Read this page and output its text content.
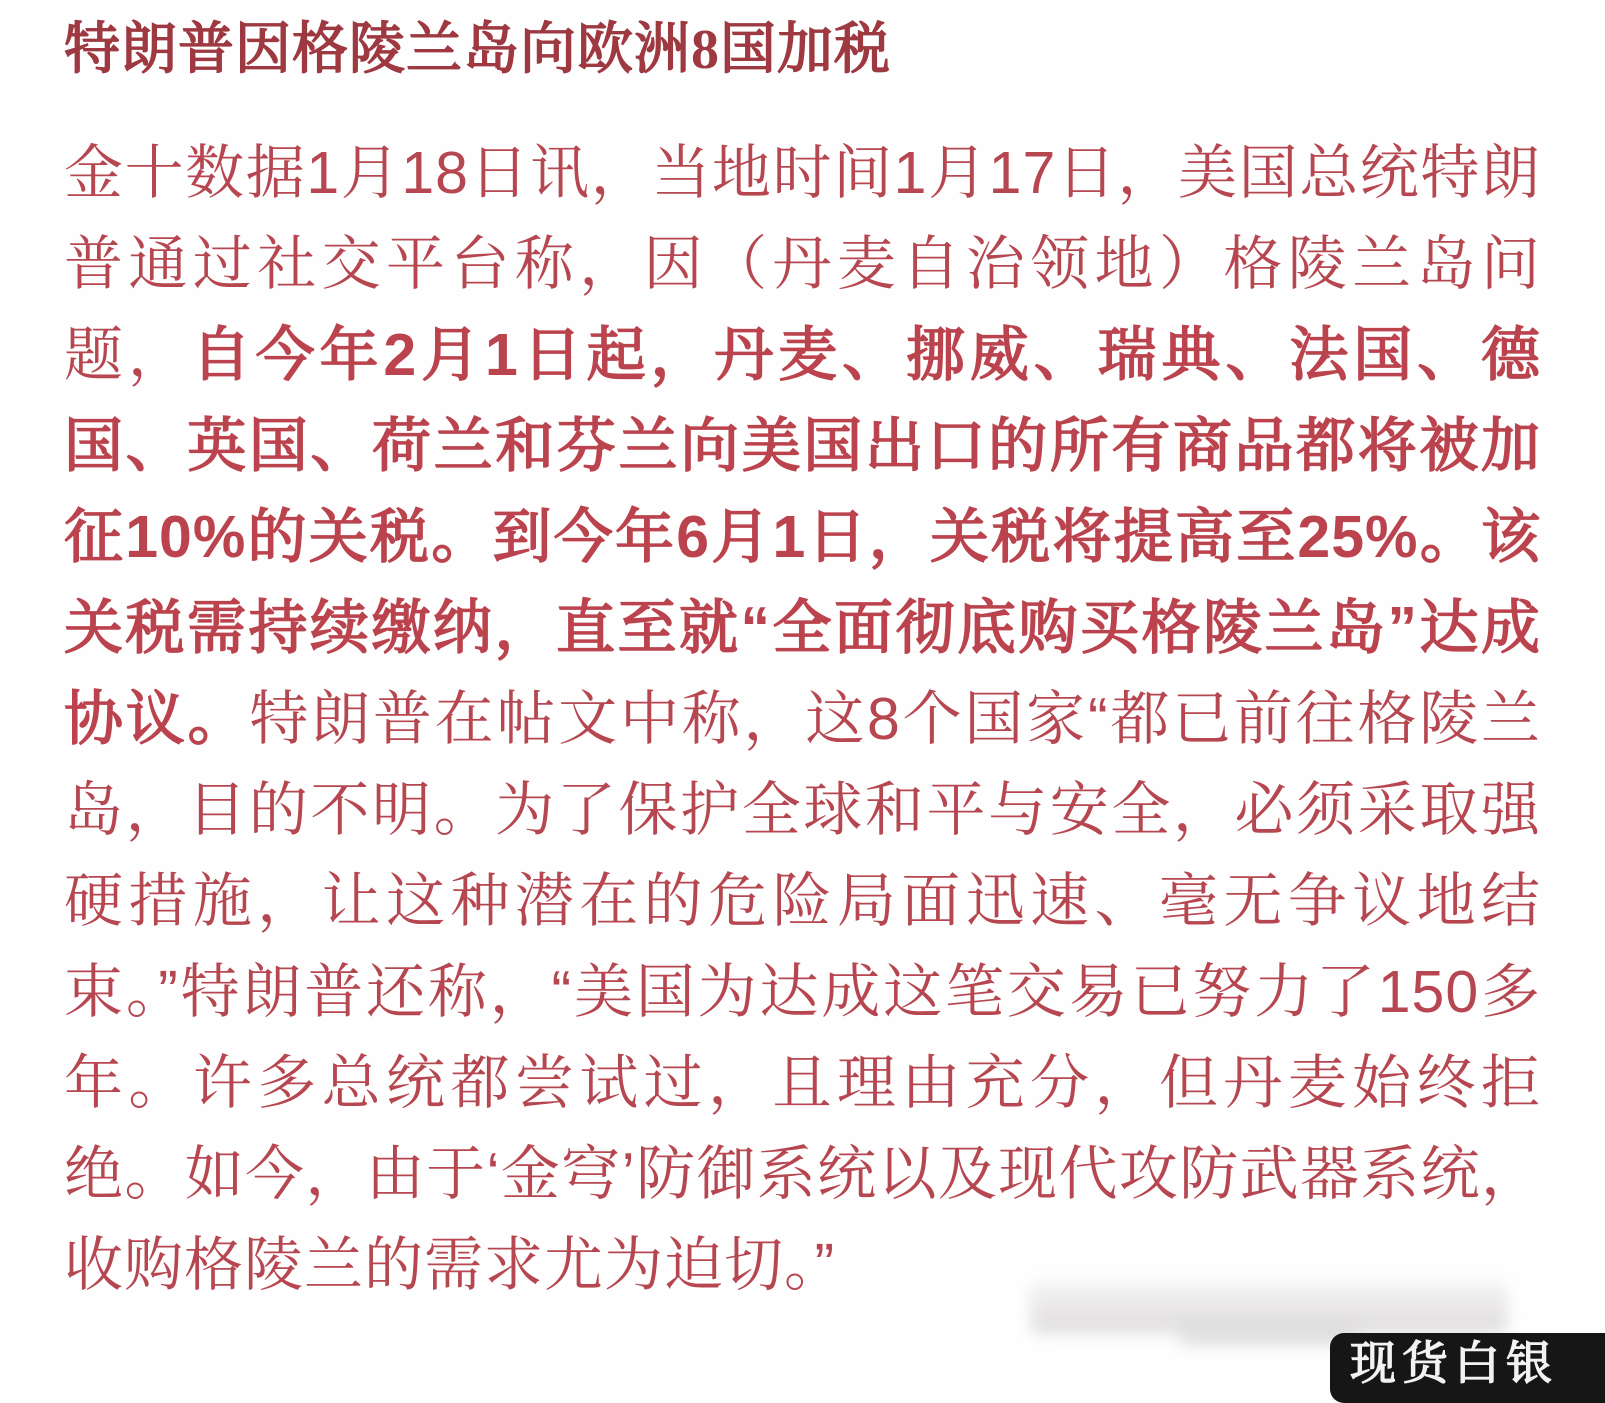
特朗普因格陵兰岛向欧洲8国加税

金十数据1月18日讯，当地时间1月17日，美国总统特朗普通过社交平台称，因（丹麦自治领地）格陵兰岛问题，自今年2月1日起，丹麦、挪威、瑞典、法国、德国、英国、荷兰和芬兰向美国出口的所有商品都将被加征10%的关税。到今年6月1日，关税将提高至25%。该关税需持续缴纳，直至就“全面彻底购买格陵兰岛”达成协议。特朗普在帖文中称，这8个国家“都已前往格陵兰岛，目的不明。为了保护全球和平与安全，必须采取强硬措施，让这种潜在的危险局面迅速、毫无争议地结束。”特朗普还称，“美国为达成这笔交易已努力了150多年。许多总统都尝试过，且理由充分，但丹麦始终拒绝。如今，由于‘金穹’防御系统以及现代攻防武器系统，收购格陵兰的需求尤为迫切。”

现货白银
